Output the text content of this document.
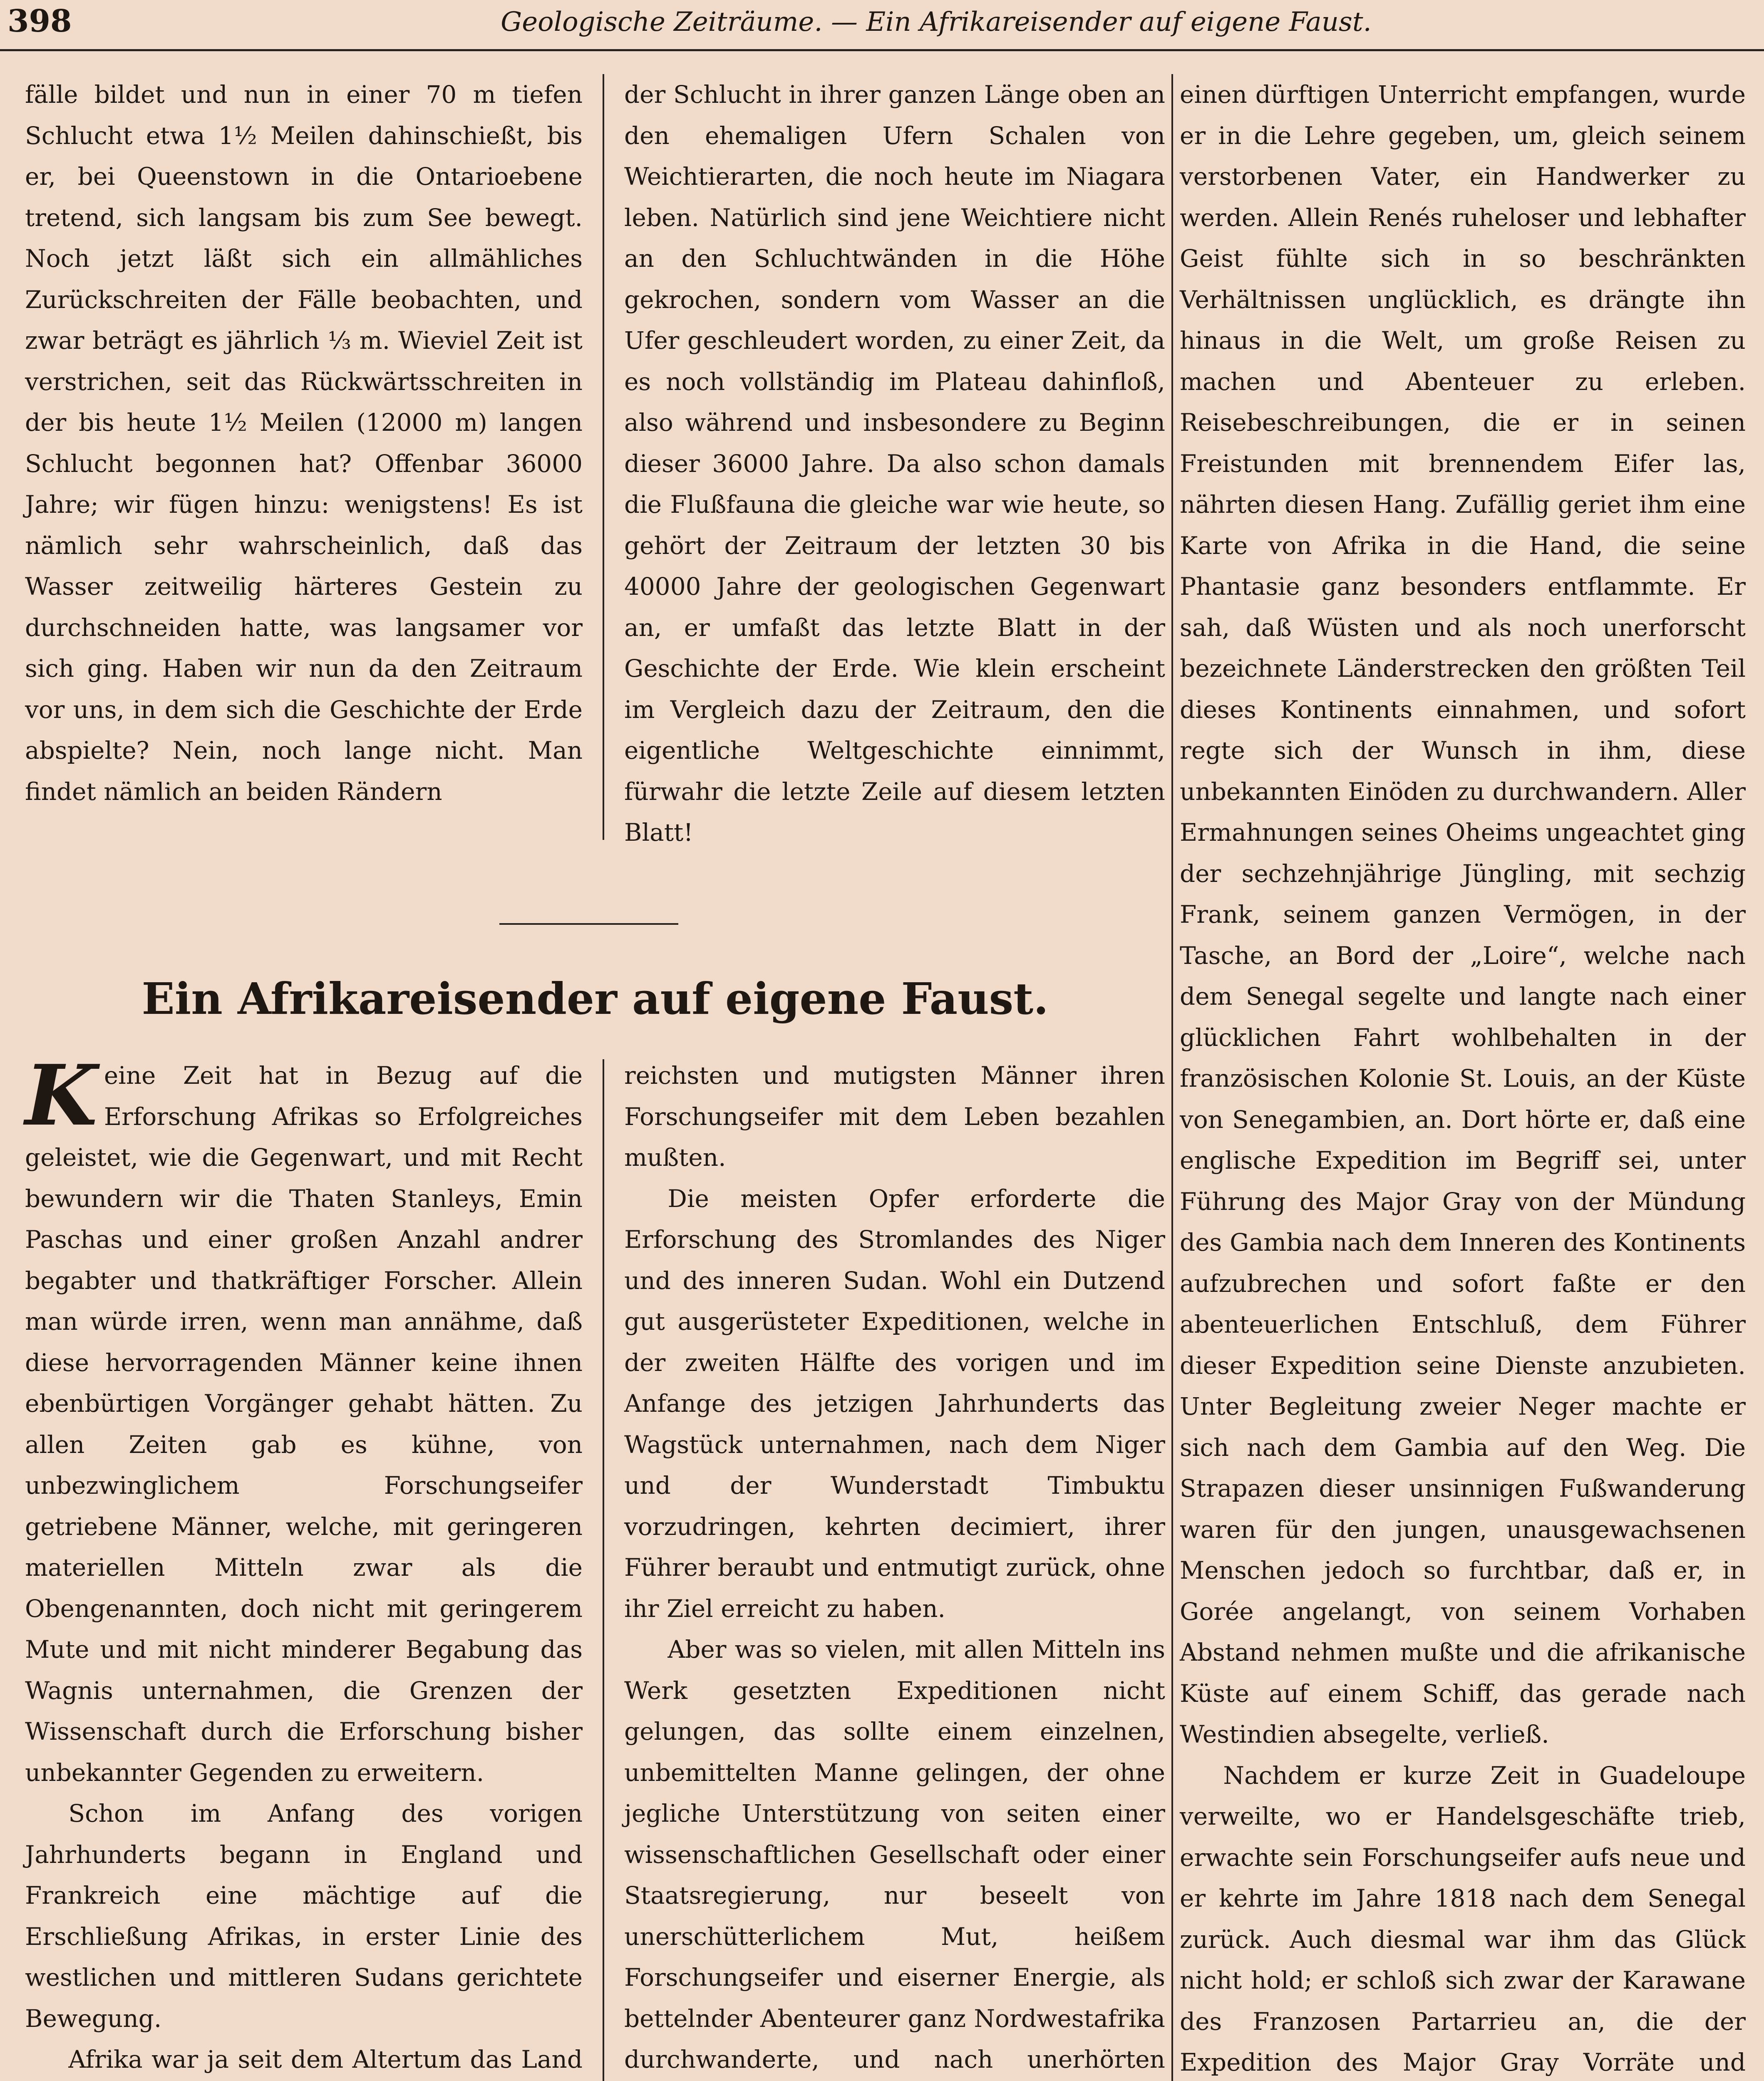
398	Geologische Zeiträume. — Ein Afrikareisender auf eigene Faust.

fälle bildet und nun in einer 70 m tiefen Schlucht etwa 1½ Meilen dahinschießt, bis er, bei Queenstown in die Ontarioebene tretend, sich langsam bis zum See bewegt. Noch jetzt läßt sich ein allmähliches Zurückschreiten der Fälle beobachten, und zwar beträgt es jährlich ⅓ m. Wieviel Zeit ist verstrichen, seit das Rückwärtsschreiten in der bis heute 1½ Meilen (12000 m) langen Schlucht begonnen hat? Offenbar 36000 Jahre; wir fügen hinzu: wenigstens! Es ist nämlich sehr wahrscheinlich, daß das Wasser zeitweilig härteres Gestein zu durchschneiden hatte, was langsamer vor sich ging. Haben wir nun da den Zeitraum vor uns, in dem sich die Geschichte der Erde abspielte? Nein, noch lange nicht. Man findet nämlich an beiden Rändern

der Schlucht in ihrer ganzen Länge oben an den ehemaligen Ufern Schalen von Weichtierarten, die noch heute im Niagara leben. Natürlich sind jene Weichtiere nicht an den Schluchtwänden in die Höhe gekrochen, sondern vom Wasser an die Ufer geschleudert worden, zu einer Zeit, da es noch vollständig im Plateau dahinfloß, also während und insbesondere zu Beginn dieser 36000 Jahre. Da also schon damals die Flußfauna die gleiche war wie heute, so gehört der Zeitraum der letzten 30 bis 40000 Jahre der geologischen Gegenwart an, er umfaßt das letzte Blatt in der Geschichte der Erde. Wie klein erscheint im Vergleich dazu der Zeitraum, den die eigentliche Weltgeschichte einnimmt, fürwahr die letzte Zeile auf diesem letzten Blatt!

Ein Afrikareisender auf eigene Faust.

Keine Zeit hat in Bezug auf die Erforschung Afrikas so Erfolgreiches geleistet, wie die Gegenwart, und mit Recht bewundern wir die Thaten Stanleys, Emin Paschas und einer großen Anzahl andrer begabter und thatkräftiger Forscher. Allein man würde irren, wenn man annähme, daß diese hervorragenden Männer keine ihnen ebenbürtigen Vorgänger gehabt hätten. Zu allen Zeiten gab es kühne, von unbezwinglichem Forschungseifer getriebene Männer, welche, mit geringeren materiellen Mitteln zwar als die Obengenannten, doch nicht mit geringerem Mute und mit nicht minderer Begabung das Wagnis unternahmen, die Grenzen der Wissenschaft durch die Erforschung bisher unbekannter Gegenden zu erweitern.

Schon im Anfang des vorigen Jahrhunderts begann in England und Frankreich eine mächtige auf die Erschließung Afrikas, in erster Linie des westlichen und mittleren Sudans gerichtete Bewegung.

Afrika war ja seit dem Altertum das Land

reichsten und mutigsten Männer ihren Forschungseifer mit dem Leben bezahlen mußten.

Die meisten Opfer erforderte die Erforschung des Stromlandes des Niger und des inneren Sudan. Wohl ein Dutzend gut ausgerüsteter Expeditionen, welche in der zweiten Hälfte des vorigen und im Anfange des jetzigen Jahrhunderts das Wagstück unternahmen, nach dem Niger und der Wunderstadt Timbuktu vorzudringen, kehrten decimiert, ihrer Führer beraubt und entmutigt zurück, ohne ihr Ziel erreicht zu haben.

Aber was so vielen, mit allen Mitteln ins Werk gesetzten Expeditionen nicht gelungen, das sollte einem einzelnen, unbemittelten Manne gelingen, der ohne jegliche Unterstützung von seiten einer wissenschaftlichen Gesellschaft oder einer Staatsregierung, nur beseelt von unerschütterlichem Mut, heißem Forschungseifer und eiserner Energie, als bettelnder Abenteurer ganz Nordwestafrika durchwanderte, und nach unerhörten

einen dürftigen Unterricht empfangen, wurde er in die Lehre gegeben, um, gleich seinem verstorbenen Vater, ein Handwerker zu werden. Allein Renés ruheloser und lebhafter Geist fühlte sich in so beschränkten Verhältnissen unglücklich, es drängte ihn hinaus in die Welt, um große Reisen zu machen und Abenteuer zu erleben. Reisebeschreibungen, die er in seinen Freistunden mit brennendem Eifer las, nährten diesen Hang. Zufällig geriet ihm eine Karte von Afrika in die Hand, die seine Phantasie ganz besonders entflammte. Er sah, daß Wüsten und als noch unerforscht bezeichnete Länderstrecken den größten Teil dieses Kontinents einnahmen, und sofort regte sich der Wunsch in ihm, diese unbekannten Einöden zu durchwandern. Aller Ermahnungen seines Oheims ungeachtet ging der sechzehnjährige Jüngling, mit sechzig Frank, seinem ganzen Vermögen, in der Tasche, an Bord der „Loire“, welche nach dem Senegal segelte und langte nach einer glücklichen Fahrt wohlbehalten in der französischen Kolonie St. Louis, an der Küste von Senegambien, an. Dort hörte er, daß eine englische Expedition im Begriff sei, unter Führung des Major Gray von der Mündung des Gambia nach dem Inneren des Kontinents aufzubrechen und sofort faßte er den abenteuerlichen Entschluß, dem Führer dieser Expedition seine Dienste anzubieten. Unter Begleitung zweier Neger machte er sich nach dem Gambia auf den Weg. Die Strapazen dieser unsinnigen Fußwanderung waren für den jungen, unausgewachsenen Menschen jedoch so furchtbar, daß er, in Gorée angelangt, von seinem Vorhaben Abstand nehmen mußte und die afrikanische Küste auf einem Schiff, das gerade nach Westindien absegelte, verließ.

Nachdem er kurze Zeit in Guadeloupe verweilte, wo er Handelsgeschäfte trieb, erwachte sein Forschungseifer aufs neue und er kehrte im Jahre 1818 nach dem Senegal zurück. Auch diesmal war ihm das Glück nicht hold; er schloß sich zwar der Karawane des Franzosen Partarrieu an, die der Expedition des Major Gray Vorräte und
